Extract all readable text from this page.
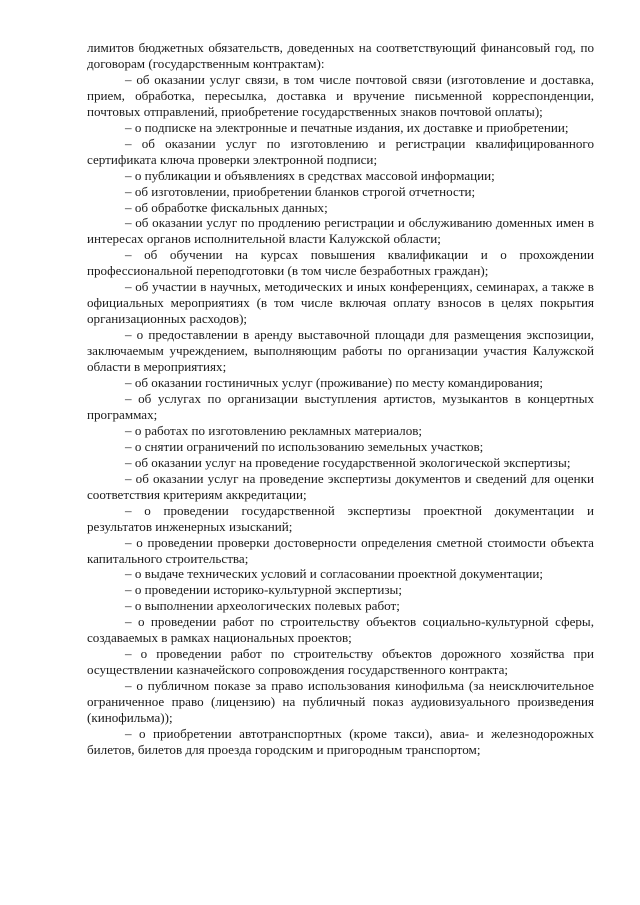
лимитов бюджетных обязательств, доведенных на соответствующий финансовый год, по договорам (государственным контрактам):

– об оказании услуг связи, в том числе почтовой связи (изготовление и доставка, прием, обработка, пересылка, доставка и вручение письменной корреспонденции, почтовых отправлений, приобретение государственных знаков почтовой оплаты);

– о подписке на электронные и печатные издания, их доставке и приобретении;

– об оказании услуг по изготовлению и регистрации квалифицированного сертификата ключа проверки электронной подписи;

– о публикации и объявлениях в средствах массовой информации;

– об изготовлении, приобретении бланков строгой отчетности;

– об обработке фискальных данных;

– об оказании услуг по продлению регистрации и обслуживанию доменных имен в интересах органов исполнительной власти Калужской области;

– об обучении на курсах повышения квалификации и о прохождении профессиональной переподготовки (в том числе безработных граждан);

– об участии в научных, методических и иных конференциях, семинарах, а также в официальных мероприятиях (в том числе включая оплату взносов в целях покрытия организационных расходов);

– о предоставлении в аренду выставочной площади для размещения экспозиции, заключаемым учреждением, выполняющим работы по организации участия Калужской области в мероприятиях;

– об оказании гостиничных услуг (проживание) по месту командирования;

– об услугах по организации выступления артистов, музыкантов в концертных программах;

– о работах по изготовлению рекламных материалов;

– о снятии ограничений по использованию земельных участков;

– об оказании услуг на проведение государственной экологической экспертизы;

– об оказании услуг на проведение экспертизы документов и сведений для оценки соответствия критериям аккредитации;

– о проведении государственной экспертизы проектной документации и результатов инженерных изысканий;

– о проведении проверки достоверности определения сметной стоимости объекта капитального строительства;

– о выдаче технических условий и согласовании проектной документации;

– о проведении историко-культурной экспертизы;

– о выполнении археологических полевых работ;

– о проведении работ по строительству объектов социально-культурной сферы, создаваемых в рамках национальных проектов;

– о проведении работ по строительству объектов дорожного хозяйства при осуществлении казначейского сопровождения государственного контракта;

– о публичном показе за право использования кинофильма (за неисключительное ограниченное право (лицензию) на публичный показ аудиовизуального произведения (кинофильма));

– о приобретении автотранспортных (кроме такси), авиа- и железнодорожных билетов, билетов для проезда городским и пригородным транспортом;
